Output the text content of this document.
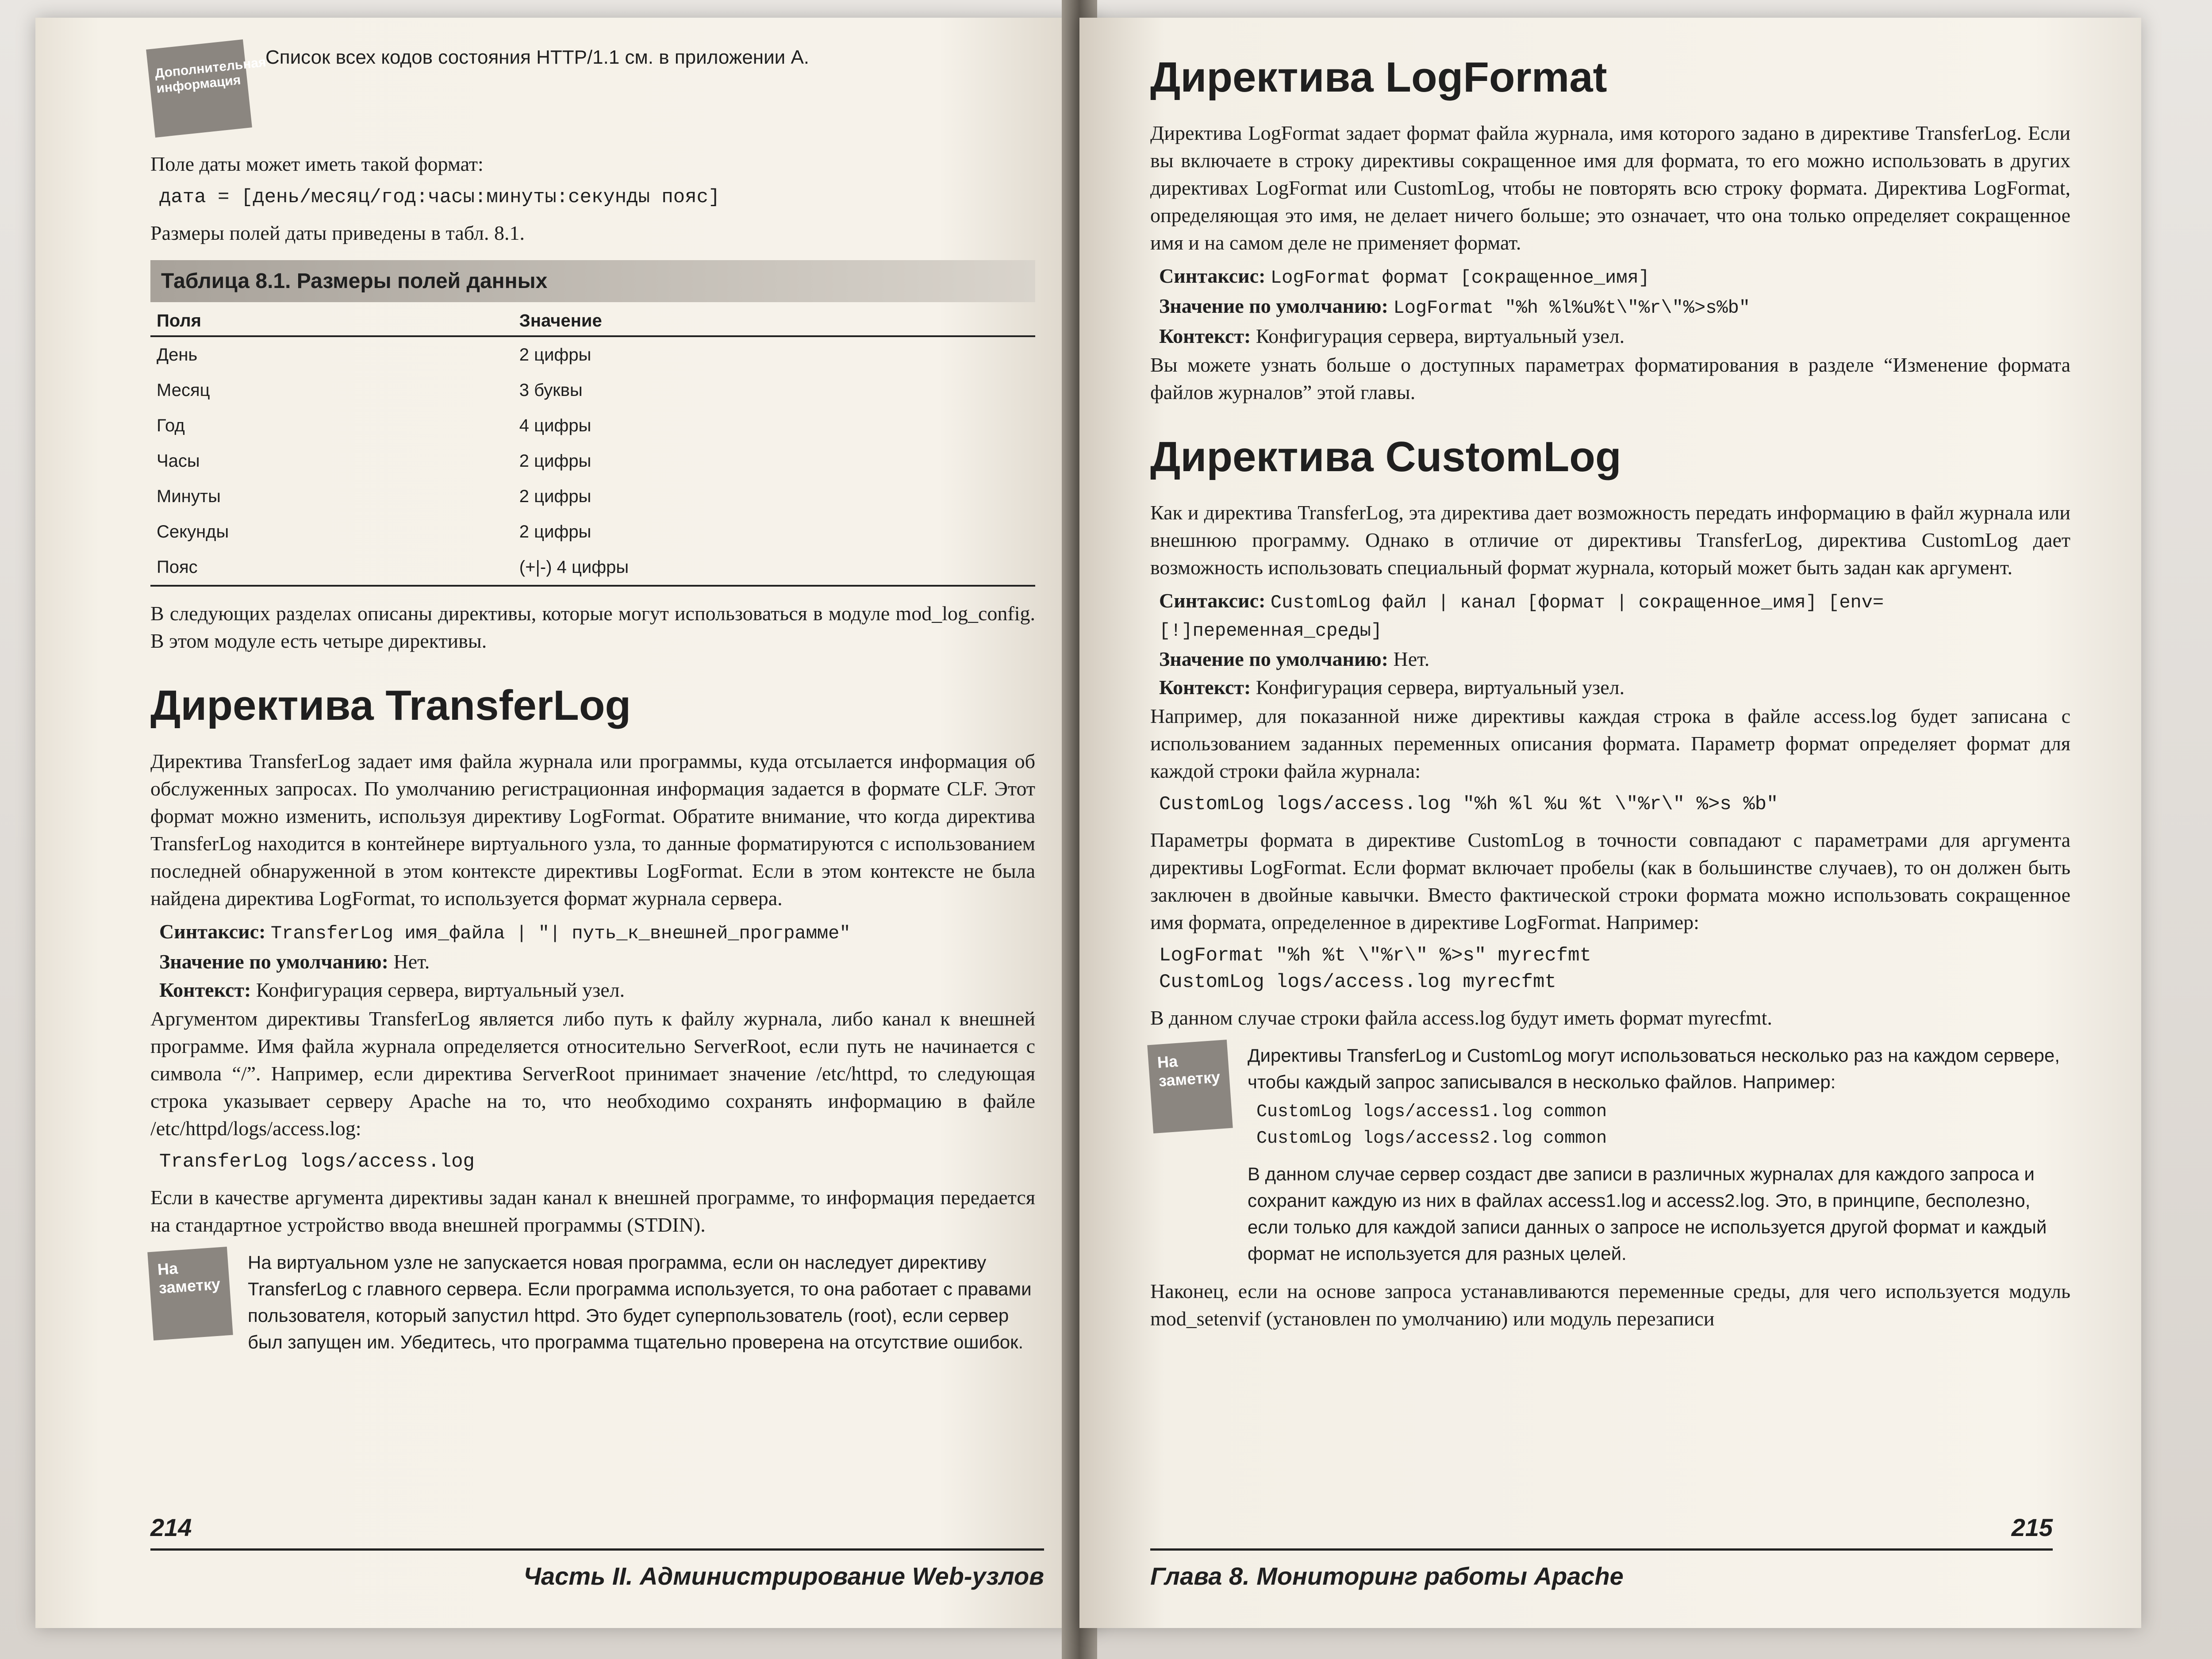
Дополнительная информация
Список всех кодов состояния HTTP/1.1 см. в приложении А.

Поле даты может иметь такой формат:

дата = [день/месяц/год:часы:минуты:секунды пояс]

Размеры полей даты приведены в табл. 8.1.

Таблица 8.1. Размеры полей данных
Поля	Значение
День	2 цифры
Месяц	3 буквы
Год	4 цифры
Часы	2 цифры
Минуты	2 цифры
Секунды	2 цифры
Пояс	(+|-) 4 цифры

В следующих разделах описаны директивы, которые могут использоваться в модуле mod_log_config. В этом модуле есть четыре директивы.

Директива TransferLog

Директива TransferLog задает имя файла журнала или программы, куда отсылается информация об обслуженных запросах. По умолчанию регистрационная информация задается в формате CLF. Этот формат можно изменить, используя директиву LogFormat. Обратите внимание, что когда директива TransferLog находится в контейнере виртуального узла, то данные форматируются с использованием последней обнаруженной в этом контексте директивы LogFormat. Если в этом контексте не была найдена директива LogFormat, то используется формат журнала сервера.

Синтаксис: TransferLog имя_файла | "| путь_к_внешней_программе"
Значение по умолчанию: Нет.
Контекст: Конфигурация сервера, виртуальный узел.

Аргументом директивы TransferLog является либо путь к файлу журнала, либо канал к внешней программе. Имя файла журнала определяется относительно ServerRoot, если путь не начинается с символа “/”. Например, если директива ServerRoot принимает значение /etc/httpd, то следующая строка указывает серверу Apache на то, что необходимо сохранять информацию в файле /etc/httpd/logs/access.log:

TransferLog logs/access.log

Если в качестве аргумента директивы задан канал к внешней программе, то информация передается на стандартное устройство ввода внешней программы (STDIN).

На заметку
На виртуальном узле не запускается новая программа, если он наследует директиву TransferLog с главного сервера. Если программа используется, то она работает с правами пользователя, который запустил httpd. Это будет суперпользователь (root), если сервер был запущен им. Убедитесь, что программа тщательно проверена на отсутствие ошибок.
214
Часть II. Администрирование Web-узлов
Директива LogFormat

Директива LogFormat задает формат файла журнала, имя которого задано в директиве TransferLog. Если вы включаете в строку директивы сокращенное имя для формата, то его можно использовать в других директивах LogFormat или CustomLog, чтобы не повторять всю строку формата. Директива LogFormat, определяющая это имя, не делает ничего больше; это означает, что она только определяет сокращенное имя и на самом деле не применяет формат.

Синтаксис: LogFormat формат [сокращенное_имя]
Значение по умолчанию: LogFormat "%h %l%u%t\"%r\"%>s%b"
Контекст: Конфигурация сервера, виртуальный узел.

Вы можете узнать больше о доступных параметрах форматирования в разделе “Изменение формата файлов журналов” этой главы.

Директива CustomLog

Как и директива TransferLog, эта директива дает возможность передать информацию в файл журнала или внешнюю программу. Однако в отличие от директивы TransferLog, директива CustomLog дает возможность использовать специальный формат журнала, который может быть задан как аргумент.

Синтаксис: CustomLog файл | канал [формат | сокращенное_имя] [env=[!]переменная_среды]
Значение по умолчанию: Нет.
Контекст: Конфигурация сервера, виртуальный узел.

Например, для показанной ниже директивы каждая строка в файле access.log будет записана с использованием заданных переменных описания формата. Параметр формат определяет формат для каждой строки файла журнала:

CustomLog logs/access.log "%h %l %u %t \"%r\" %>s %b"

Параметры формата в директиве CustomLog в точности совпадают с параметрами для аргумента директивы LogFormat. Если формат включает пробелы (как в большинстве случаев), то он должен быть заключен в двойные кавычки. Вместо фактической строки формата можно использовать сокращенное имя формата, определенное в директиве LogFormat. Например:

LogFormat "%h %t \"%r\" %>s" myrecfmt
CustomLog logs/access.log myrecfmt

В данном случае строки файла access.log будут иметь формат myrecfmt.

На заметку
Директивы TransferLog и CustomLog могут использоваться несколько раз на каждом сервере, чтобы каждый запрос записывался в несколько файлов. Например:
CustomLog logs/access1.log common
CustomLog logs/access2.log common
В данном случае сервер создаст две записи в различных журналах для каждого запроса и сохранит каждую из них в файлах access1.log и access2.log. Это, в принципе, бесполезно, если только для каждой записи данных о запросе не используется другой формат и каждый формат не используется для разных целей.

Наконец, если на основе запроса устанавливаются переменные среды, для чего используется модуль mod_setenvif (установлен по умолчанию) или модуль перезаписи

Глава 8. Мониторинг работы Apache
215
